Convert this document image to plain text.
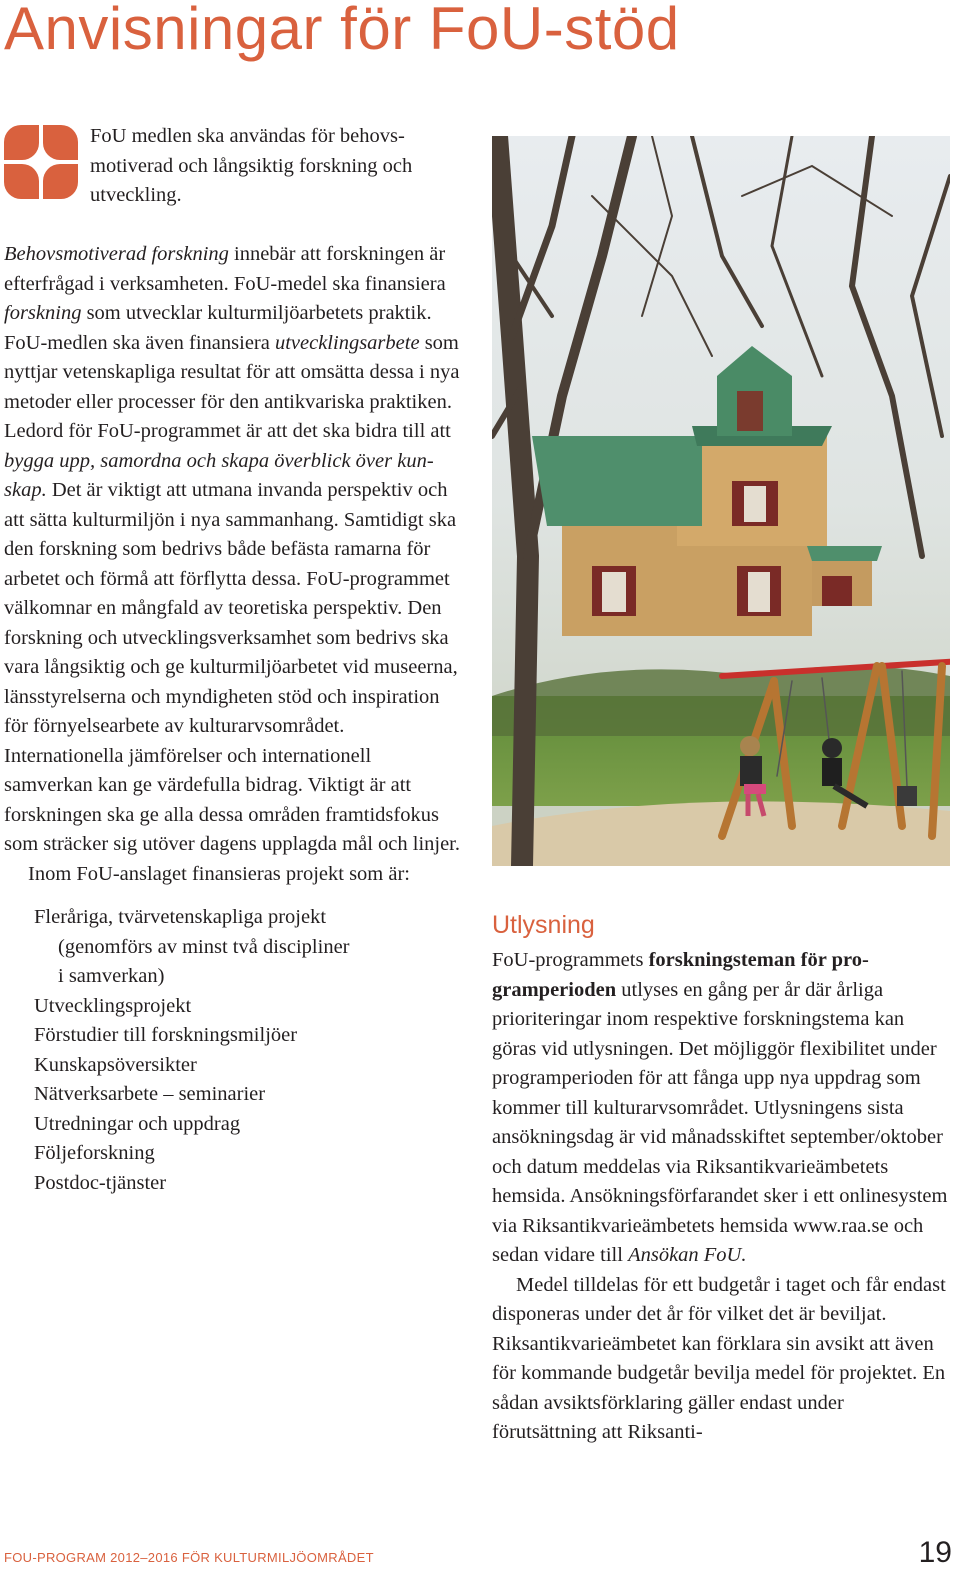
Anvisningar för FoU-stöd

FoU medlen ska användas för behovsmotiverad och långsiktig forskning och utveckling.

Behovsmotiverad forskning innebär att forskningen är efterfrågad i verksamheten. FoU-medel ska finansiera forskning som utvecklar kulturmiljöarbetets praktik. FoU-medlen ska även finansiera utvecklingsarbete som nyttjar vetenskapliga resultat för att omsätta dessa i nya metoder eller processer för den antikvariska praktiken. Ledord för FoU-programmet är att det ska bidra till att bygga upp, samordna och skapa överblick över kunskap. Det är viktigt att utmana invanda perspektiv och att sätta kulturmiljön i nya sammanhang. Samtidigt ska den forskning som bedrivs både befästa ramarna för arbetet och förmå att förflytta dessa. FoU-programmet välkomnar en mångfald av teoretiska perspektiv. Den forskning och utvecklingsverksamhet som bedrivs ska vara långsiktig och ge kulturmiljöarbetet vid museerna, länsstyrelserna och myndigheten stöd och inspiration för förnyelsearbete av kulturarvsområdet. Internationella jämförelser och internationell samverkan kan ge värdefulla bidrag. Viktigt är att forskningen ska ge alla dessa områden framtidsfokus som sträcker sig utöver dagens upplagda mål och linjer.

Inom FoU-anslaget finansieras projekt som är:

Fleråriga, tvärvetenskapliga projekt
(genomförs av minst två discipliner
i samverkan)
Utvecklingsprojekt
Förstudier till forskningsmiljöer
Kunskapsöversikter
Nätverksarbete – seminarier
Utredningar och uppdrag
Följeforskning
Postdoc-tjänster
Utlysning

FoU-programmets forskningsteman för programperioden utlyses en gång per år där årliga prioriteringar inom respektive forskningstema kan göras vid utlysningen. Det möjliggör flexibilitet under programperioden för att fånga upp nya uppdrag som kommer till kulturarvsområdet. Utlysningens sista ansökningsdag är vid månadsskiftet september/oktober och datum meddelas via Riksantikvarieämbetets hemsida. Ansökningsförfarandet sker i ett onlinesystem via Riksantikvarieämbetets hemsida www.raa.se och sedan vidare till Ansökan FoU.

Medel tilldelas för ett budgetår i taget och får endast disponeras under det år för vilket det är beviljat. Riksantikvarieämbetet kan förklara sin avsikt att även för kommande budgetår bevilja medel för projektet. En sådan avsiktsförklaring gäller endast under förutsättning att Riksanti-

FOU-PROGRAM 2012–2016 FÖR KULTURMILJÖOMRÅDET	19
